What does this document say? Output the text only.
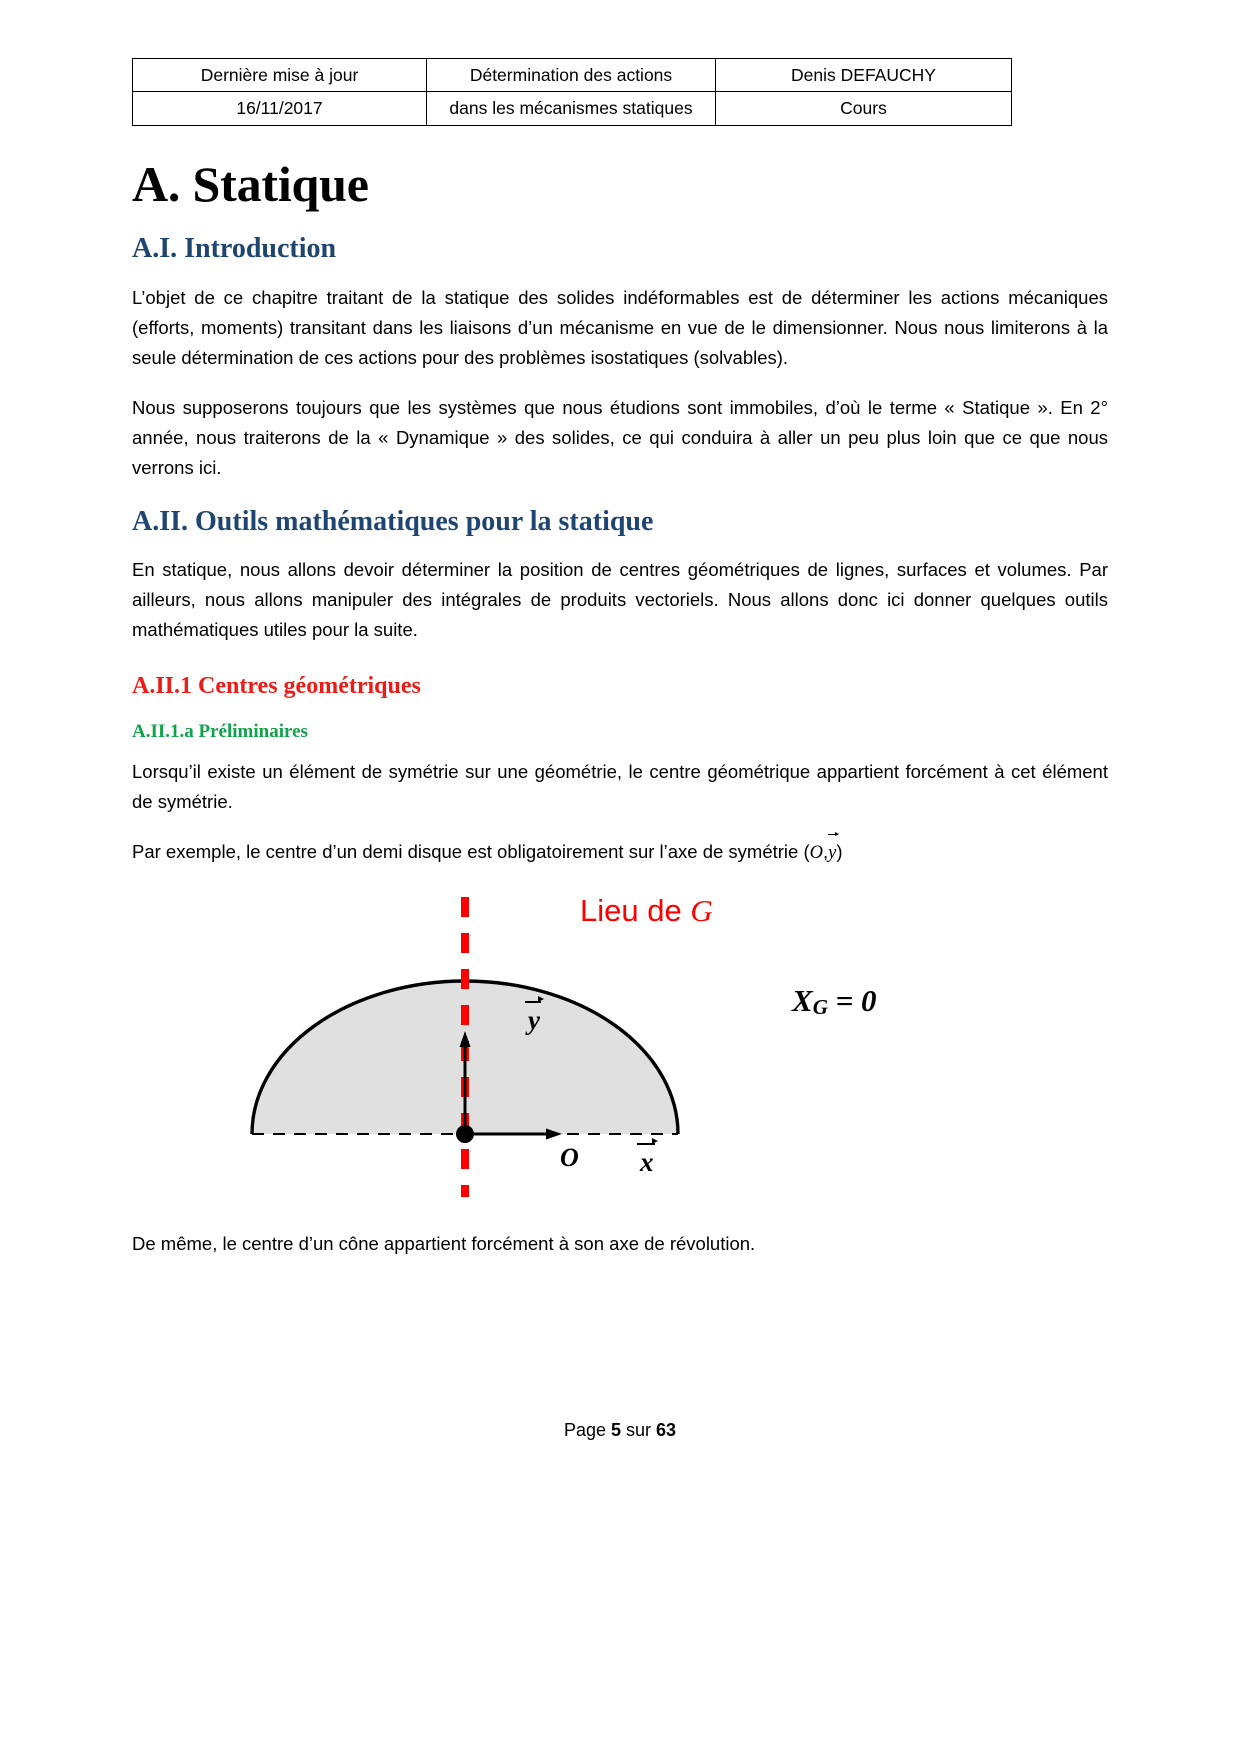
Dernière mise à jour	Détermination des actions	Denis DEFAUCHY
16/11/2017	dans les mécanismes statiques	Cours
A. Statique
A.I. Introduction

L’objet de ce chapitre traitant de la statique des solides indéformables est de déterminer les actions mécaniques (efforts, moments) transitant dans les liaisons d’un mécanisme en vue de le dimensionner. Nous nous limiterons à la seule détermination de ces actions pour des problèmes isostatiques (solvables).

Nous supposerons toujours que les systèmes que nous étudions sont immobiles, d’où le terme « Statique ». En 2° année, nous traiterons de la « Dynamique » des solides, ce qui conduira à aller un peu plus loin que ce que nous verrons ici.

A.II. Outils mathématiques pour la statique

En statique, nous allons devoir déterminer la position de centres géométriques de lignes, surfaces et volumes. Par ailleurs, nous allons manipuler des intégrales de produits vectoriels. Nous allons donc ici donner quelques outils mathématiques utiles pour la suite.

A.II.1 Centres géométriques
A.II.1.a Préliminaires

Lorsqu’il existe un élément de symétrie sur une géométrie, le centre géométrique appartient forcément à cet élément de symétrie.

Par exemple, le centre d’un demi disque est obligatoirement sur l’axe de symétrie (O,y)

Lieu de G
$X_G = 0$
y
O x

De même, le centre d’un cône appartient forcément à son axe de révolution.

Page 5 sur 63
